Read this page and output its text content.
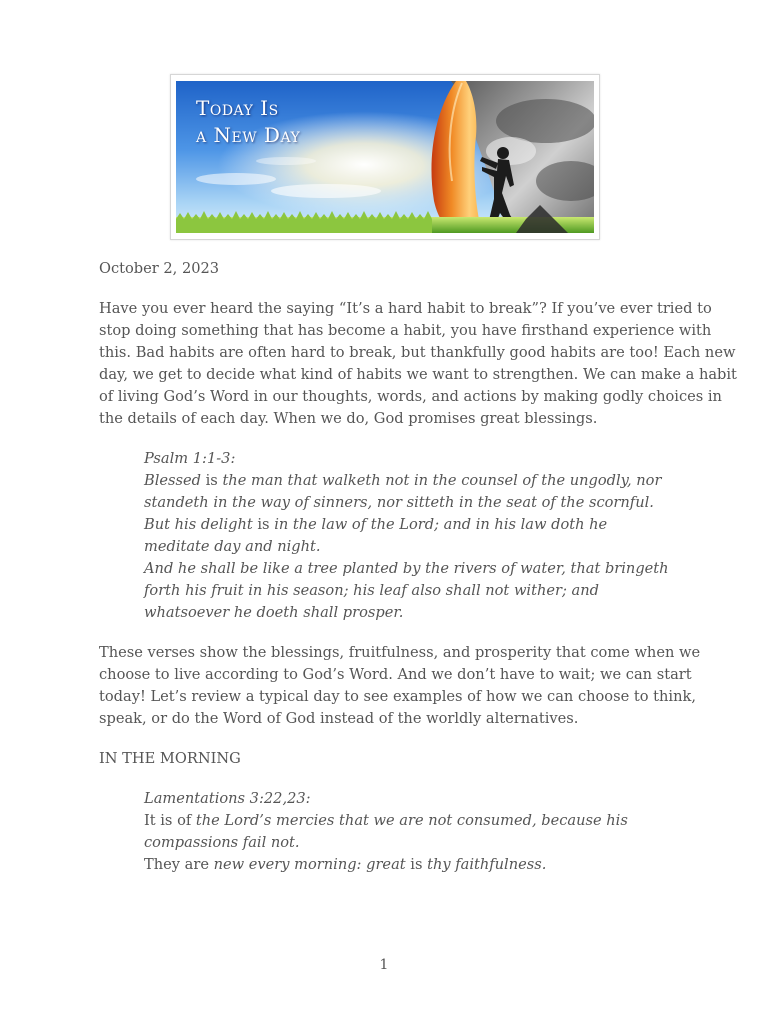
Today Is
a New Day

October 2, 2023

Have you ever heard the saying “It’s a hard habit to break”? If you’ve ever tried to
stop doing something that has become a habit, you have firsthand experience with
this. Bad habits are often hard to break, but thankfully good habits are too! Each new
day, we get to decide what kind of habits we want to strengthen. We can make a habit
of living God’s Word in our thoughts, words, and actions by making godly choices in
the details of each day. When we do, God promises great blessings.

Psalm 1:1-3:
Blessed is the man that walketh not in the counsel of the ungodly, nor
standeth in the way of sinners, nor sitteth in the seat of the scornful.
But his delight is in the law of the Lord; and in his law doth he
meditate day and night.
And he shall be like a tree planted by the rivers of water, that bringeth
forth his fruit in his season; his leaf also shall not wither; and
whatsoever he doeth shall prosper.

These verses show the blessings, fruitfulness, and prosperity that come when we
choose to live according to God’s Word. And we don’t have to wait; we can start
today! Let’s review a typical day to see examples of how we can choose to think,
speak, or do the Word of God instead of the worldly alternatives.

IN THE MORNING

Lamentations 3:22,23:
It is of the Lord’s mercies that we are not consumed, because his
compassions fail not.
They are new every morning: great is thy faithfulness.

1
